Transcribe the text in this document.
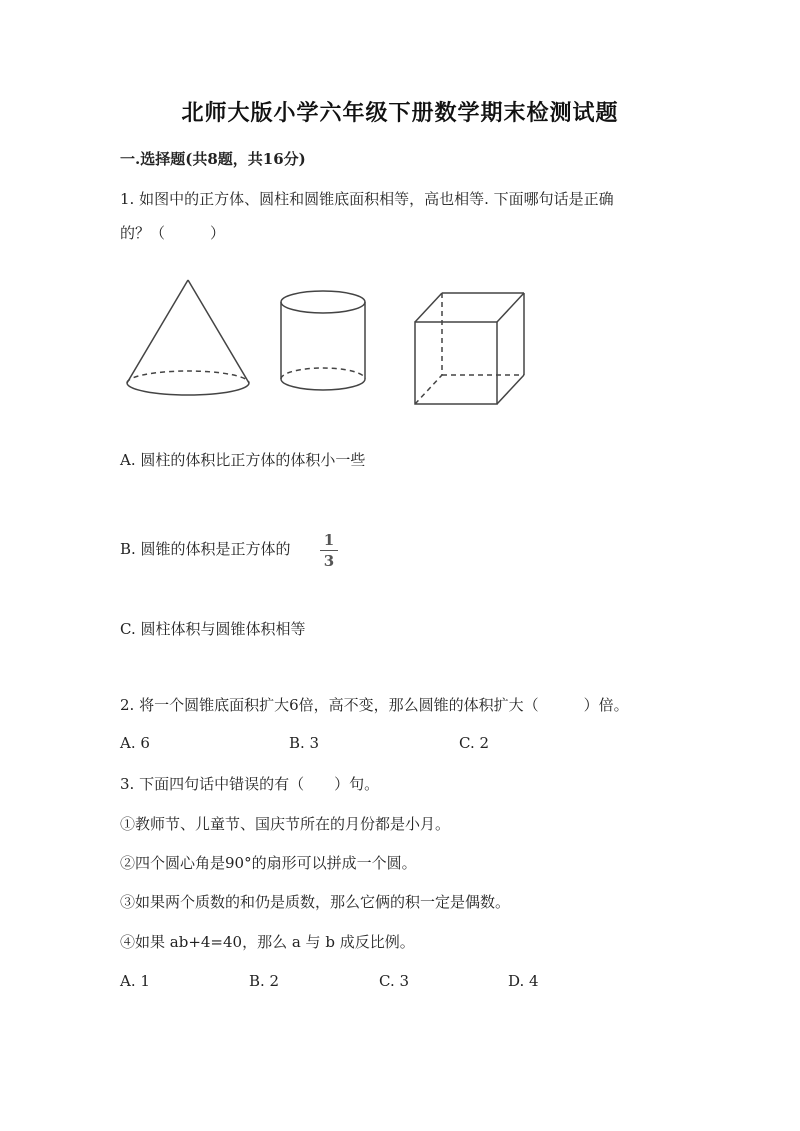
北师大版小学六年级下册数学期末检测试题
一.选择题(共8题，共16分)
1. 如图中的正方体、圆柱和圆锥底面积相等，高也相等. 下面哪句话是正确
的？（　　　）
A. 圆柱的体积比正方体的体积小一些
B. 圆锥的体积是正方体的 1
3
C. 圆柱体积与圆锥体积相等
2. 将一个圆锥底面积扩大6倍，高不变，那么圆锥的体积扩大（　　　）倍。
A. 6	B. 3	C. 2
3. 下面四句话中错误的有（　　）句。
①教师节、儿童节、国庆节所在的月份都是小月。
②四个圆心角是90°的扇形可以拼成一个圆。
③如果两个质数的和仍是质数，那么它俩的积一定是偶数。
④如果 ab+4=40，那么 a 与 b 成反比例。
A. 1	B. 2	C. 3	D. 4
